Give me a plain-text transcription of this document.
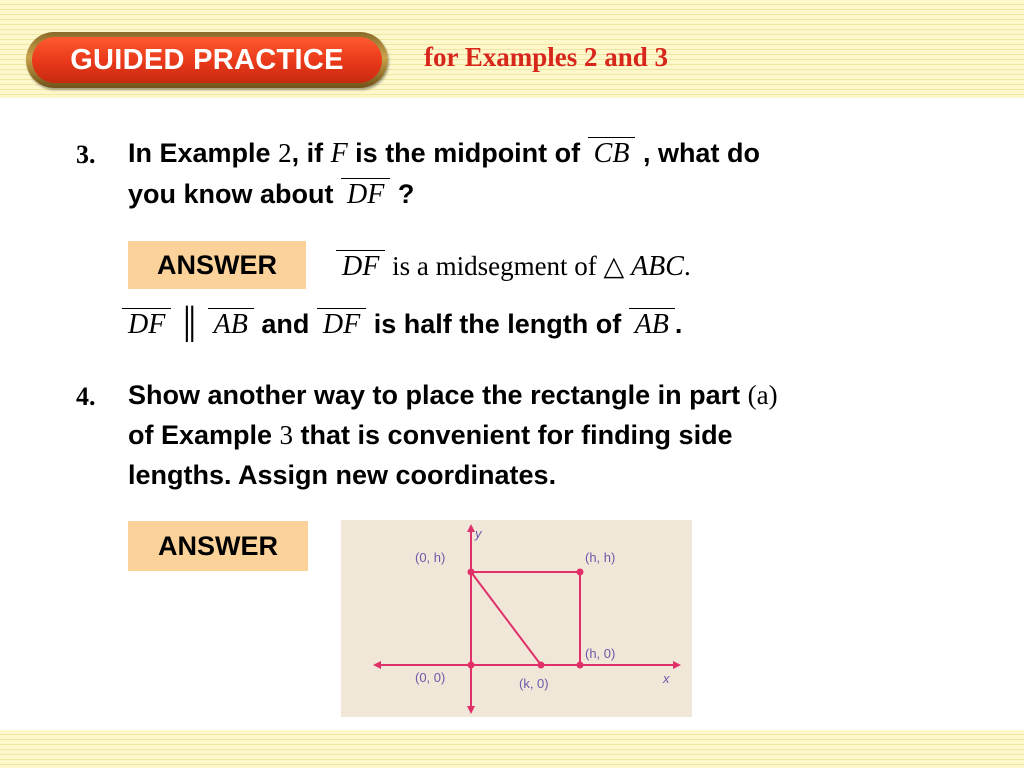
GUIDED PRACTICE	for Examples 2 and 3
3. In Example 2, if F is the midpoint of CB , what do
you know about DF ?
ANSWER	DF is a midsegment of △ ABC.
DF ║ AB and DF is half the length of AB .
4. Show another way to place the rectangle in part (a)
of Example 3 that is convenient for finding side
lengths. Assign new coordinates.
ANSWER	y
x
(0, h)	(h, h)
(h, 0)
(0, 0)	(k, 0)
